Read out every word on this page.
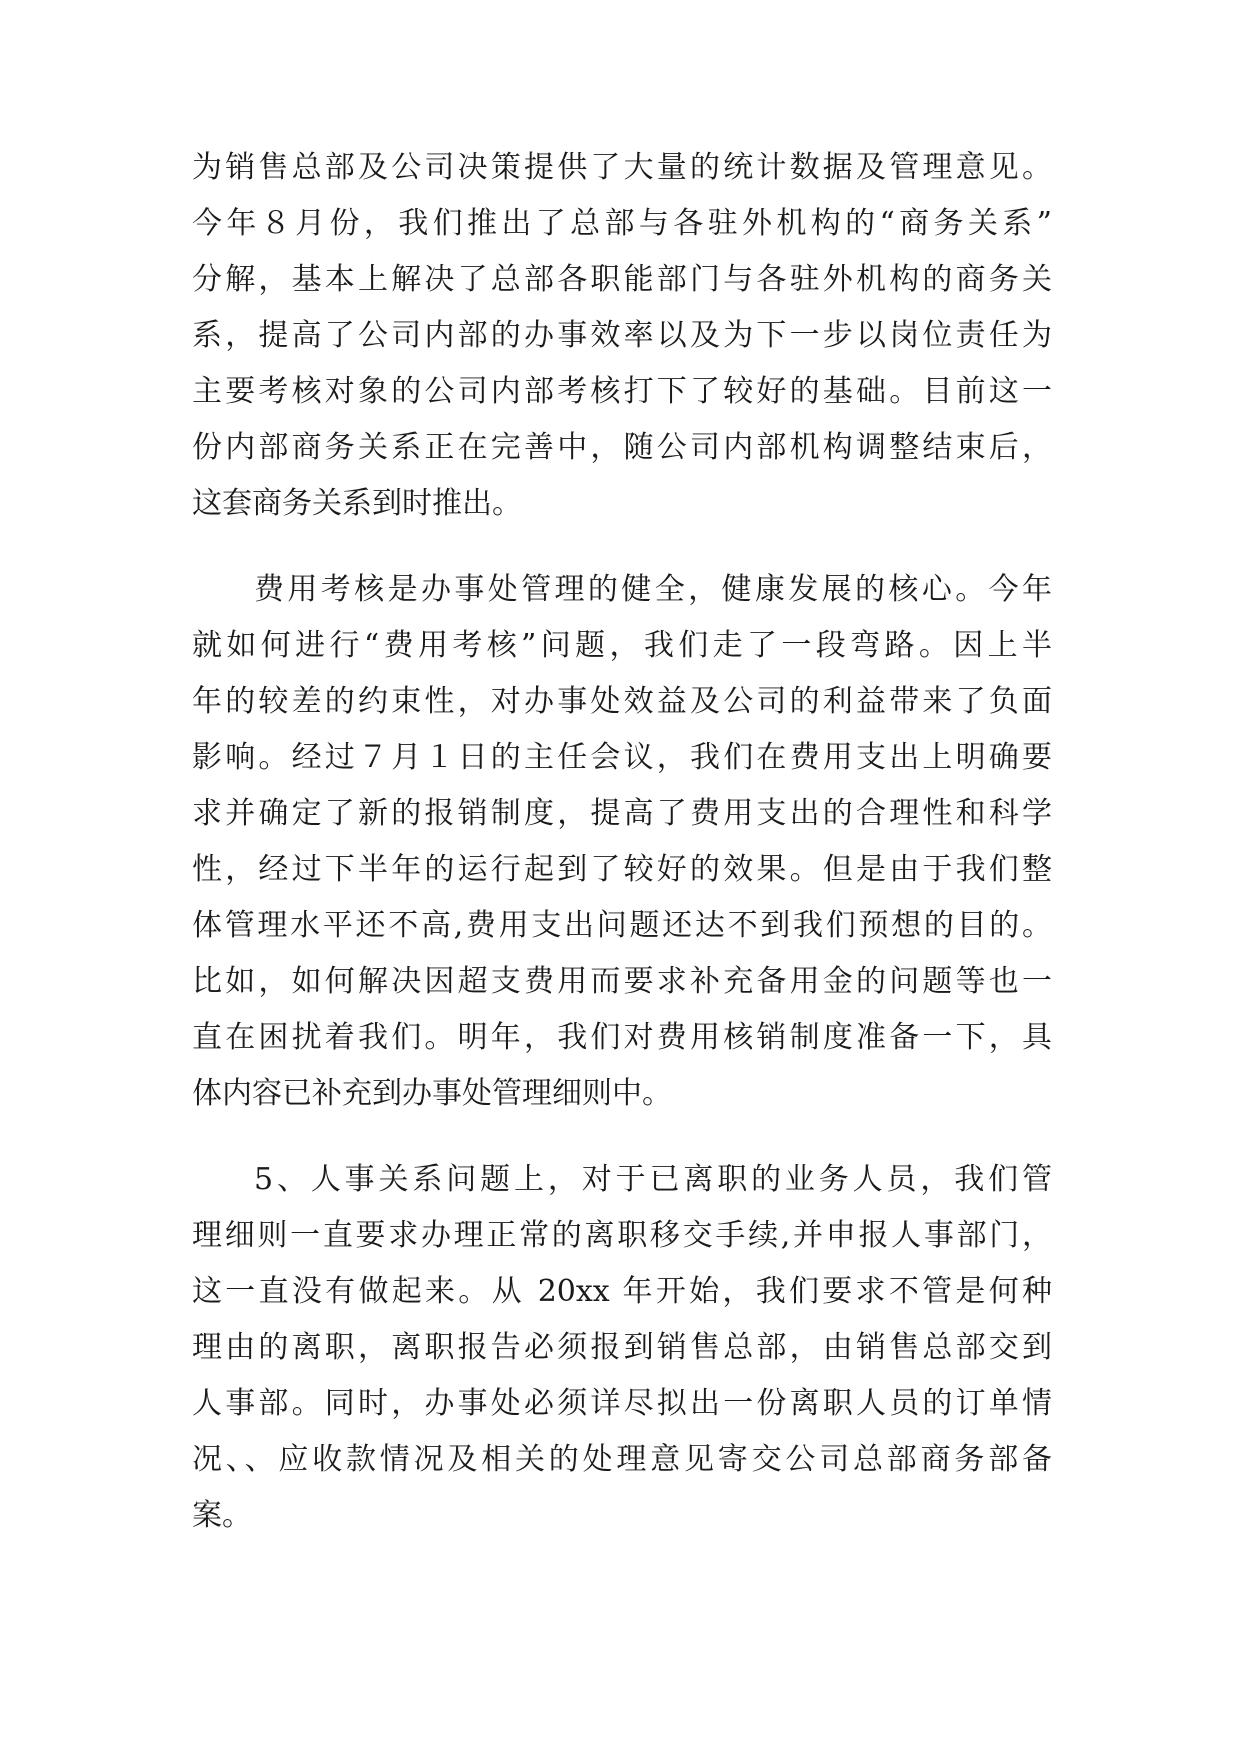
为销售总部及公司决策提供了大量的统计数据及管理意见。
今年８月份，我们推出了总部与各驻外机构的“商务关系”
分解，基本上解决了总部各职能部门与各驻外机构的商务关
系，提高了公司内部的办事效率以及为下一步以岗位责任为
主要考核对象的公司内部考核打下了较好的基础。目前这一
份内部商务关系正在完善中，随公司内部机构调整结束后，
这套商务关系到时推出。
费用考核是办事处管理的健全，健康发展的核心。今年
就如何进行“费用考核”问题，我们走了一段弯路。因上半
年的较差的约束性，对办事处效益及公司的利益带来了负面
影响。经过７月１日的主任会议，我们在费用支出上明确要
求并确定了新的报销制度，提高了费用支出的合理性和科学
性，经过下半年的运行起到了较好的效果。但是由于我们整
体管理水平还不高,费用支出问题还达不到我们预想的目的。
比如，如何解决因超支费用而要求补充备用金的问题等也一
直在困扰着我们。明年，我们对费用核销制度准备一下，具
体内容已补充到办事处管理细则中。
5、人事关系问题上，对于已离职的业务人员，我们管
理细则一直要求办理正常的离职移交手续,并申报人事部门，
这一直没有做起来。从 20xx 年开始，我们要求不管是何种
理由的离职，离职报告必须报到销售总部，由销售总部交到
人事部。同时，办事处必须详尽拟出一份离职人员的订单情
况、、应收款情况及相关的处理意见寄交公司总部商务部备
案。
